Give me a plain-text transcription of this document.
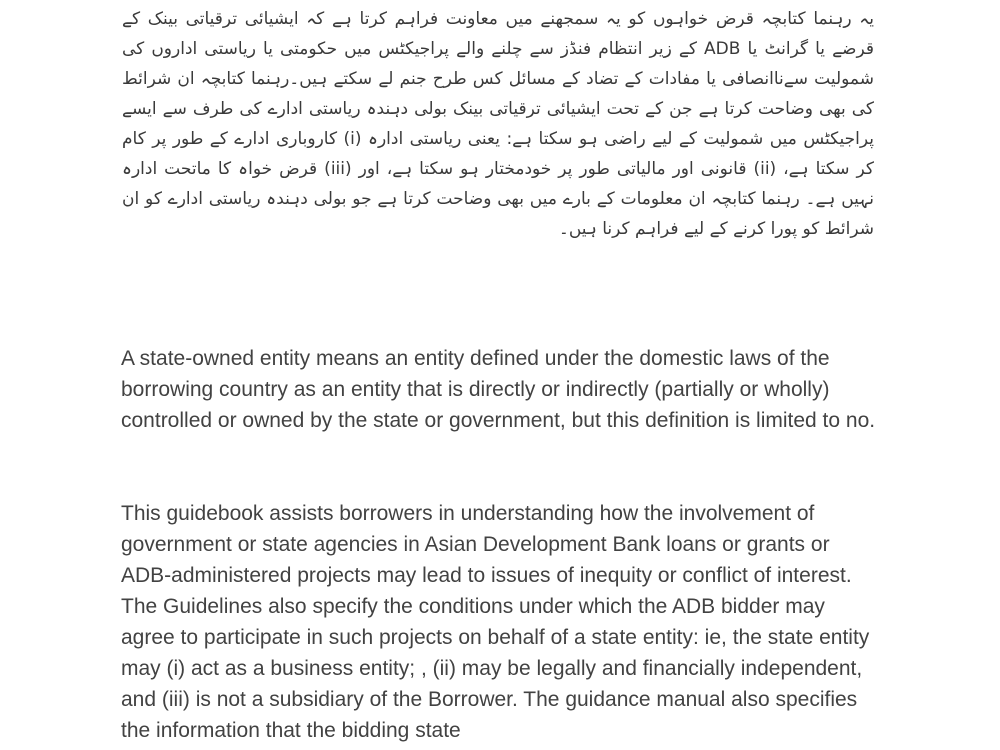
یہ رہنما کتابچہ قرض خواہوں کو یہ سمجھنے میں معاونت فراہم کرتا ہے کہ ایشیائی ترقیاتی بینک کے قرضے یا گرانٹ یا ADB کے زیر انتظام فنڈز سے چلنے والے پراجیکٹس میں حکومتی یا ریاستی اداروں کی شمولیت سےناانصافی یا مفادات کے تضاد کے مسائل کس طرح جنم لے سکتے ہیں۔رہنما کتابچہ ان شرائط کی بھی وضاحت کرتا ہے جن کے تحت ایشیائی ترقیاتی بینک بولی دہندہ ریاستی ادارے کی طرف سے ایسے پراجیکٹس میں شمولیت کے لیے راضی ہو سکتا ہے: یعنی ریاستی ادارہ (i) کاروباری ادارے کے طور پر کام کر سکتا ہے، (ii) قانونی اور مالیاتی طور پر خودمختار ہو سکتا ہے، اور (iii) قرض خواہ کا ماتحت ادارہ نہیں ہے۔ رہنما کتابچہ ان معلومات کے بارے میں بھی وضاحت کرتا ہے جو بولی دہندہ ریاستی ادارے کو ان شرائط کو پورا کرنے کے لیے فراہم کرنا ہیں۔

A state-owned entity means an entity defined under the domestic laws of the borrowing country as an entity that is directly or indirectly (partially or wholly) controlled or owned by the state or government, but this definition is limited to no.

This guidebook assists borrowers in understanding how the involvement of government or state agencies in Asian Development Bank loans or grants or ADB-administered projects may lead to issues of inequity or conflict of interest. The Guidelines also specify the conditions under which the ADB bidder may agree to participate in such projects on behalf of a state entity: ie, the state entity may (i) act as a business entity; , (ii) may be legally and financially independent, and (iii) is not a subsidiary of the Borrower. The guidance manual also specifies the information that the bidding state
